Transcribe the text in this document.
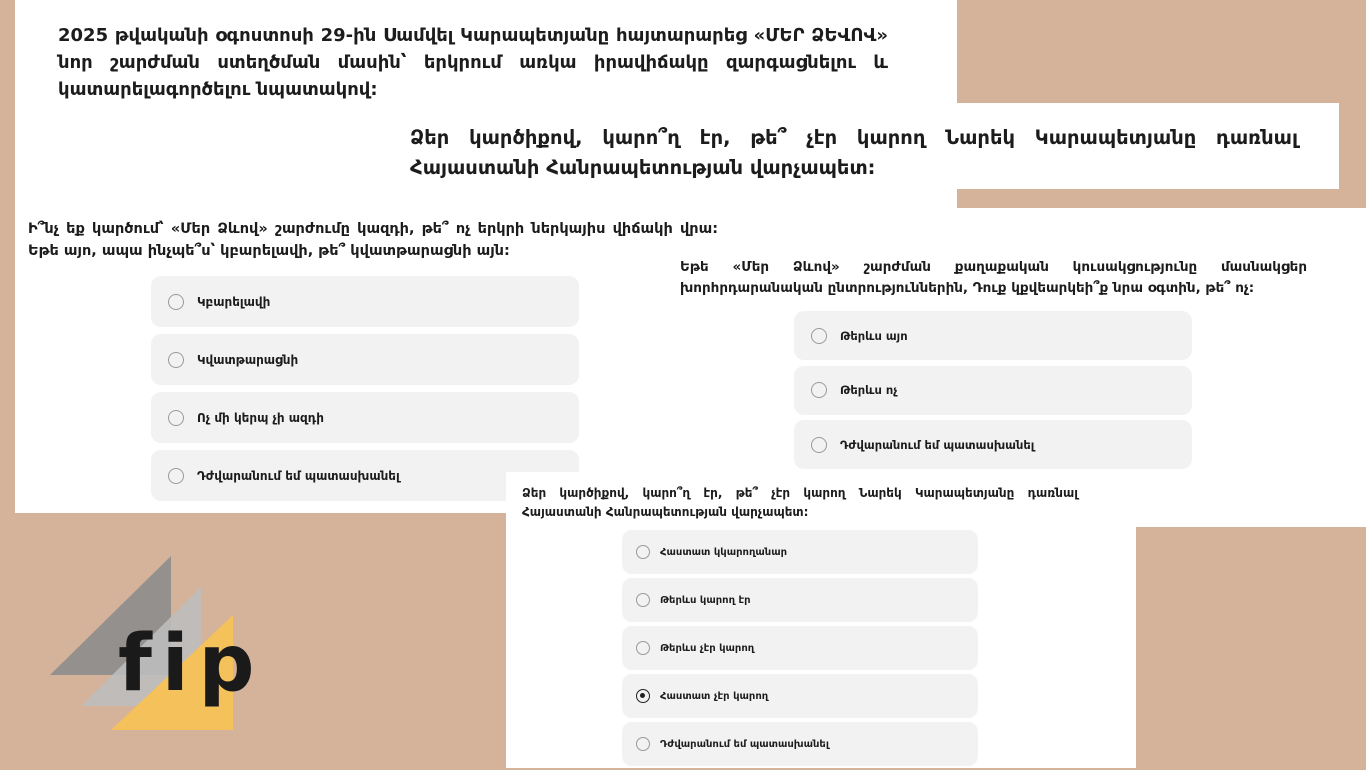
2025 թվականի օգոստոսի 29-ին Սամվել Կարապետյանը հայտարարեց «ՄԵՐ ՁԵՎՈՎ» նոր շարժման ստեղծման մասին՝ երկրում առկա իրավիճակը զարգացնելու և կատարելագործելու նպատակով:

Ի՞նչ եք կարծում՝ «Մեր Ձևով» շարժումը կազդի, թե՞ ոչ երկրի ներկայիս վիճակի վրա: Եթե այո, ապա ինչպե՞ս՝ կբարելավի, թե՞ կվատթարացնի այն:

Կբարելավի
Կվատթարացնի
Ոչ մի կերպ չի ազդի
Դժվարանում եմ պատասխանել

Ձեր կարծիքով, կարո՞ղ էր, թե՞ չէր կարող Նարեկ Կարապետյանը դառնալ Հայաստանի Հանրապետության վարչապետ:

Եթե «Մեր Ձևով» շարժման քաղաքական կուսակցությունը մասնակցեր խորհրդարանական ընտրություններին, Դուք կքվեարկեի՞ք նրա օգտին, թե՞ ոչ:

Թերևս այո
Թերևս ոչ
Դժվարանում եմ պատասխանել

Ձեր կարծիքով, կարո՞ղ էր, թե՞ չէր կարող Նարեկ Կարապետյանը դառնալ Հայաստանի Հանրապետության վարչապետ:

Հաստատ կկարողանար
Թերևս կարող էր
Թերևս չէր կարող
Հաստատ չէր կարող
Դժվարանում եմ պատասխանել
fip
